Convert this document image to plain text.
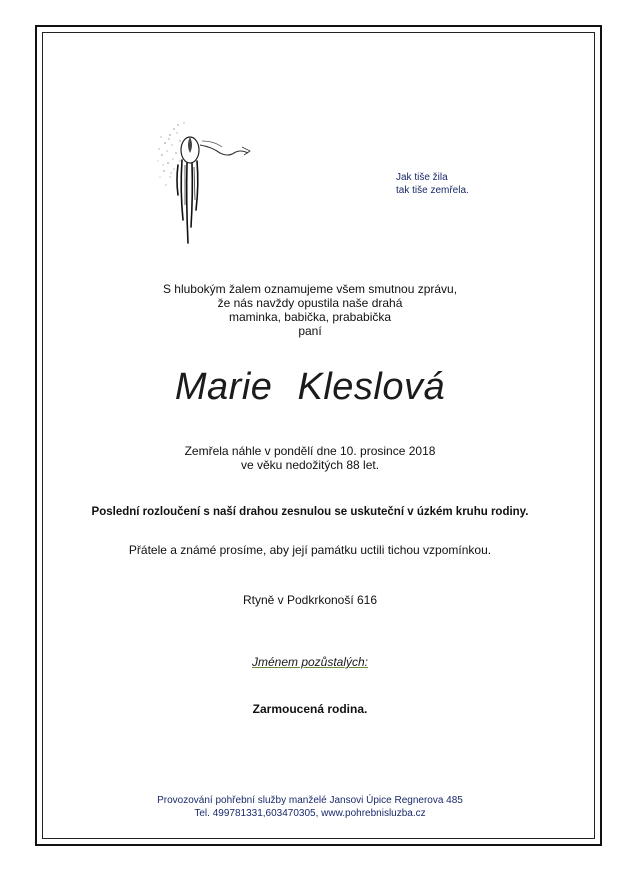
Jak tiše žila
tak tiše zemřela.
S hlubokým žalem oznamujeme všem smutnou zprávu,
že nás navždy opustila naše drahá
maminka, babička, prababička
paní
Marie Kleslová
Zemřela náhle v pondělí dne 10. prosince 2018
ve věku nedožitých 88 let.
Poslední rozloučení s naší drahou zesnulou se uskuteční v úzkém kruhu rodiny.
Přátele a známé prosíme, aby její památku uctili tichou vzpomínkou.
Rtyně v Podkrkonoší 616
Jménem pozůstalých:
Zarmoucená rodina.
Provozování pohřební služby manželé Jansovi Úpice Regnerova 485
Tel. 499781331,603470305, www.pohrebnisluzba.cz
